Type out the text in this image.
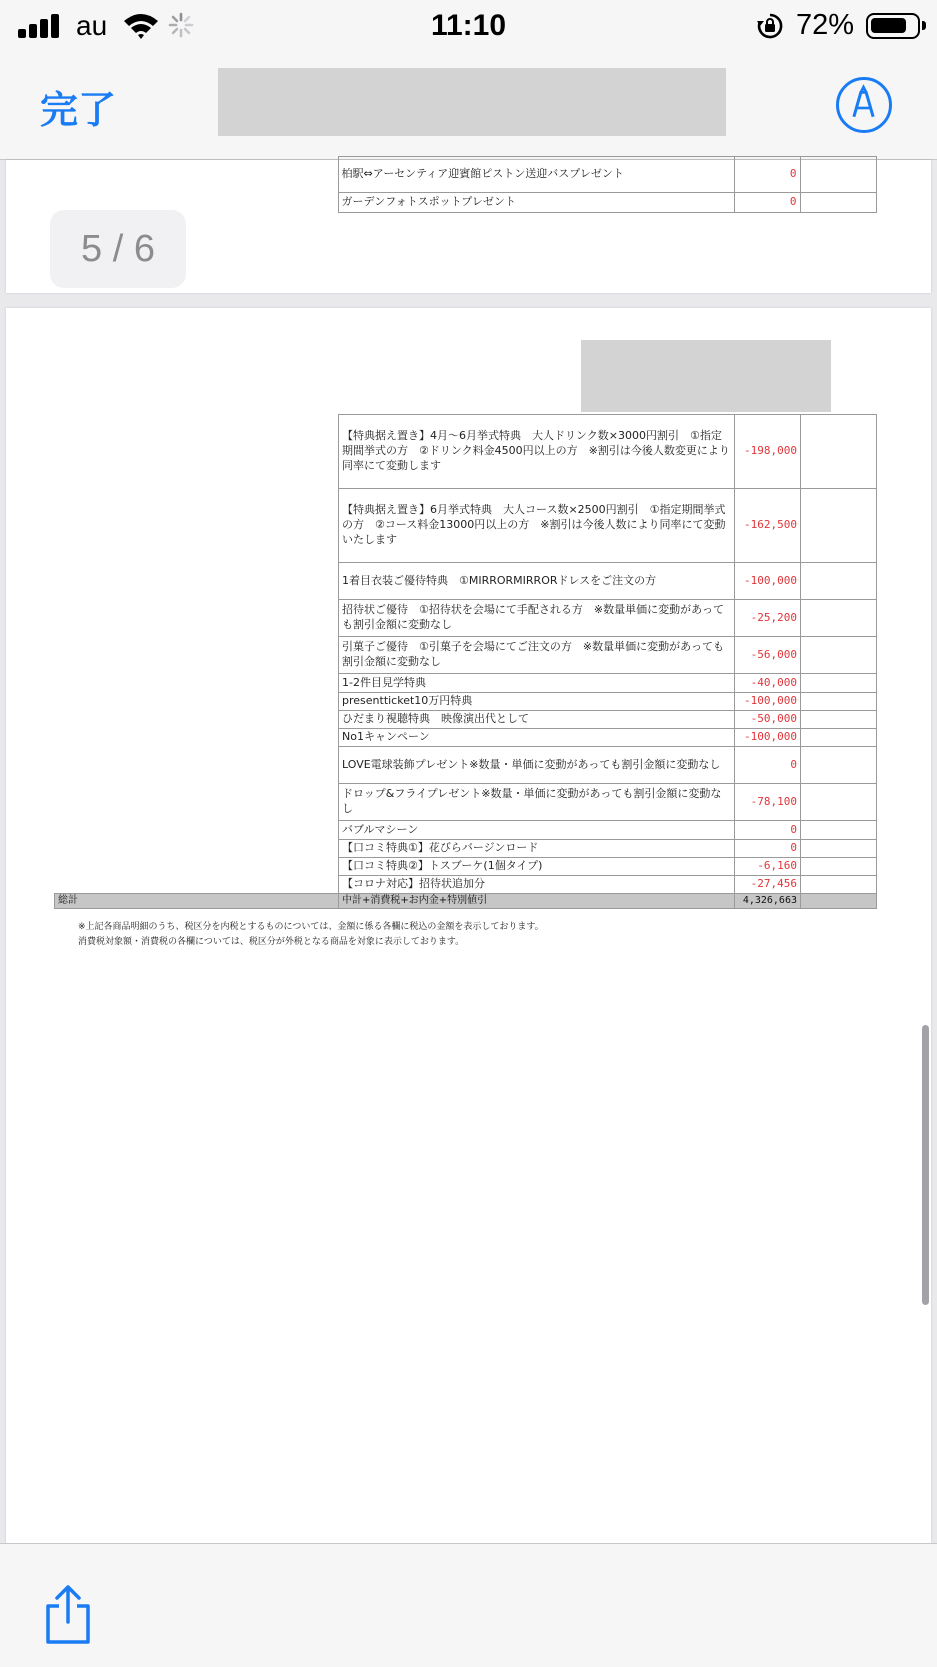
au	11:10	72%
完了
	柏駅⇔アーセンティア迎賓館ピストン送迎バスプレゼント	0	
	ガーデンフォトスポットプレゼント	0	
5 / 6
	【特典据え置き】4月～6月挙式特典　大人ドリンク数×3000円割引　①指定期間挙式の方　②ドリンク料金4500円以上の方　※割引は今後人数変更により同率にて変動します	-198,000	
	【特典据え置き】6月挙式特典　大人コース数×2500円割引　①指定期間挙式の方　②コース料金13000円以上の方　※割引は今後人数により同率にて変動いたします	-162,500	
	1着目衣装ご優待特典　①MIRRORMIRRORドレスをご注文の方	-100,000	
	招待状ご優待　①招待状を会場にて手配される方　※数量単価に変動があっても割引金額に変動なし	-25,200	
	引菓子ご優待　①引菓子を会場にてご注文の方　※数量単価に変動があっても割引金額に変動なし	-56,000	
	1-2件目見学特典	-40,000	
	presentticket10万円特典	-100,000	
	ひだまり視聴特典　映像演出代として	-50,000	
	No1キャンペーン	-100,000	
	LOVE電球装飾プレゼント※数量・単価に変動があっても割引金額に変動なし	0	
	ドロップ&フライプレゼント※数量・単価に変動があっても割引金額に変動なし	-78,100	
	バブルマシーン	0	
	【口コミ特典①】花びらバージンロード	0	
	【口コミ特典②】トスブーケ(1個タイプ)	-6,160	
	【コロナ対応】招待状追加分	-27,456	
総計	中計+消費税+お内金+特別値引	4,326,663	
※上記各商品明細のうち、税区分を内税とするものについては、金額に係る各欄に税込の金額を表示しております。
消費税対象額・消費税の各欄については、税区分が外税となる商品を対象に表示しております。
